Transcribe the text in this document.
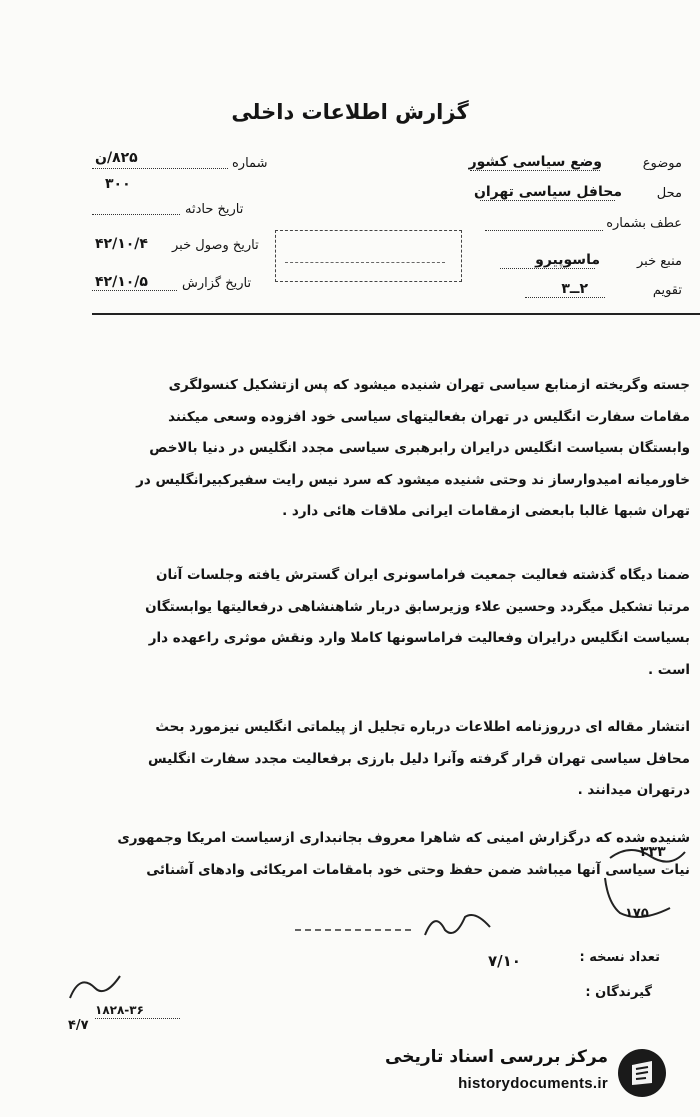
گزارش اطلاعات داخلی
موضوع
وضع سیاسی کشور
محل
محافل سیاسی تهران
عطف بشماره
منبع خبر
ماسوپیرو
تقویم
۲ــ۳
شماره
۸۲۵/ن
۳۰۰
تاریخ حادثه
تاریخ وصول خبر
۴۲/۱۰/۴
تاریخ گزارش
۴۲/۱۰/۵
جسته وگریخته ازمنابع سیاسی تهران شنیده میشود که پس ازتشکیل کنسولگری
مقامات سفارت انگلیس در تهران بفعالیتهای سیاسی خود افزوده وسعی میکنند
وابستگان بسیاست انگلیس درایران رابرهبری سیاسی مجدد انگلیس در دنیا بالاخص
خاورمیانه امیدوارساز ند وحتی شنیده میشود که سرد نیس رایت سفیرکبیرانگلیس در
تهران شبها غالبا بابعضی ازمقامات ایرانی ملاقات هائی دارد .
ضمنا دیگاه گذشته فعالیت جمعیت فراماسونری ایران گسترش یافته وجلسات آنان
مرتبا تشکیل میگردد وحسین علاء وزیرسابق دربار شاهنشاهی درفعالیتها یوابستگان
بسیاست انگلیس درایران وفعالیت فراماسونها کاملا وارد ونقش موثری راعهده دار
است .
انتشار مقاله ای درروزنامه اطلاعات درباره تجلیل از پیلماتی انگلیس نیزمورد بحث
محافل سیاسی تهران قرار گرفته وآنرا دلیل بارزی برفعالیت مجدد سفارت انگلیس
درتهران میدانند .
شنیده شده که درگزارش امینی که شاهرا معروف بجانبداری ازسیاست امریکا وجمهوری
نیات سیاسی آنها میباشد ضمن حفظ وحتی خود بامقامات امریکائی وادهای آشنائی
۳۳۳
۱۷۵
تعداد نسخه :
۷/۱۰
گیرندگان :
۱۸۲۸-۳۶
۴/۷
مرکز بررسی اسناد تاریخی
historydocuments.ir
